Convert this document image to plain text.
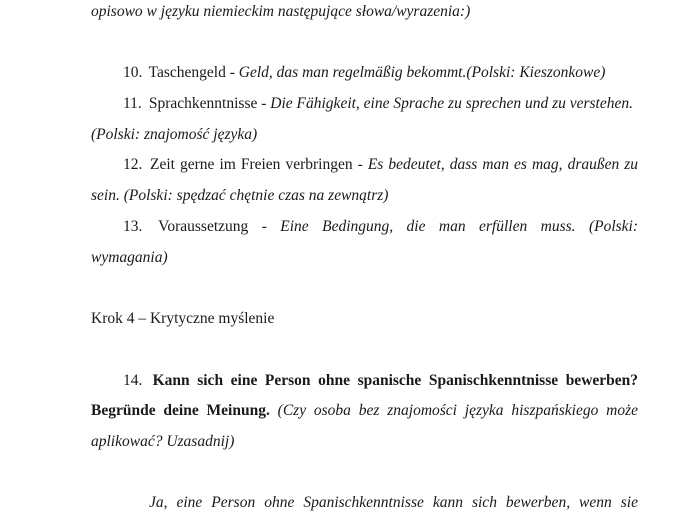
opisowo w języku niemieckim następujące słowa/wyrazenia:)
10. Taschengeld - Geld, das man regelmäßig bekommt.(Polski: Kieszonkowe)
11. Sprachkenntnisse - Die Fähigkeit, eine Sprache zu sprechen und zu verstehen.
(Polski: znajomość języka)
12. Zeit gerne im Freien verbringen - Es bedeutet, dass man es mag, draußen zu
sein. (Polski: spędzać chętnie czas na zewnątrz)
13. Voraussetzung - Eine Bedingung, die man erfüllen muss. (Polski:
wymagania)
Krok 4 – Krytyczne myślenie
14. Kann sich eine Person ohne spanische Spanischkenntnisse bewerben?
Begründe deine Meinung. (Czy osoba bez znajomości języka hiszpańskiego może
aplikować? Uzasadnij)
Ja, eine Person ohne Spanischkenntnisse kann sich bewerben, wenn sie
